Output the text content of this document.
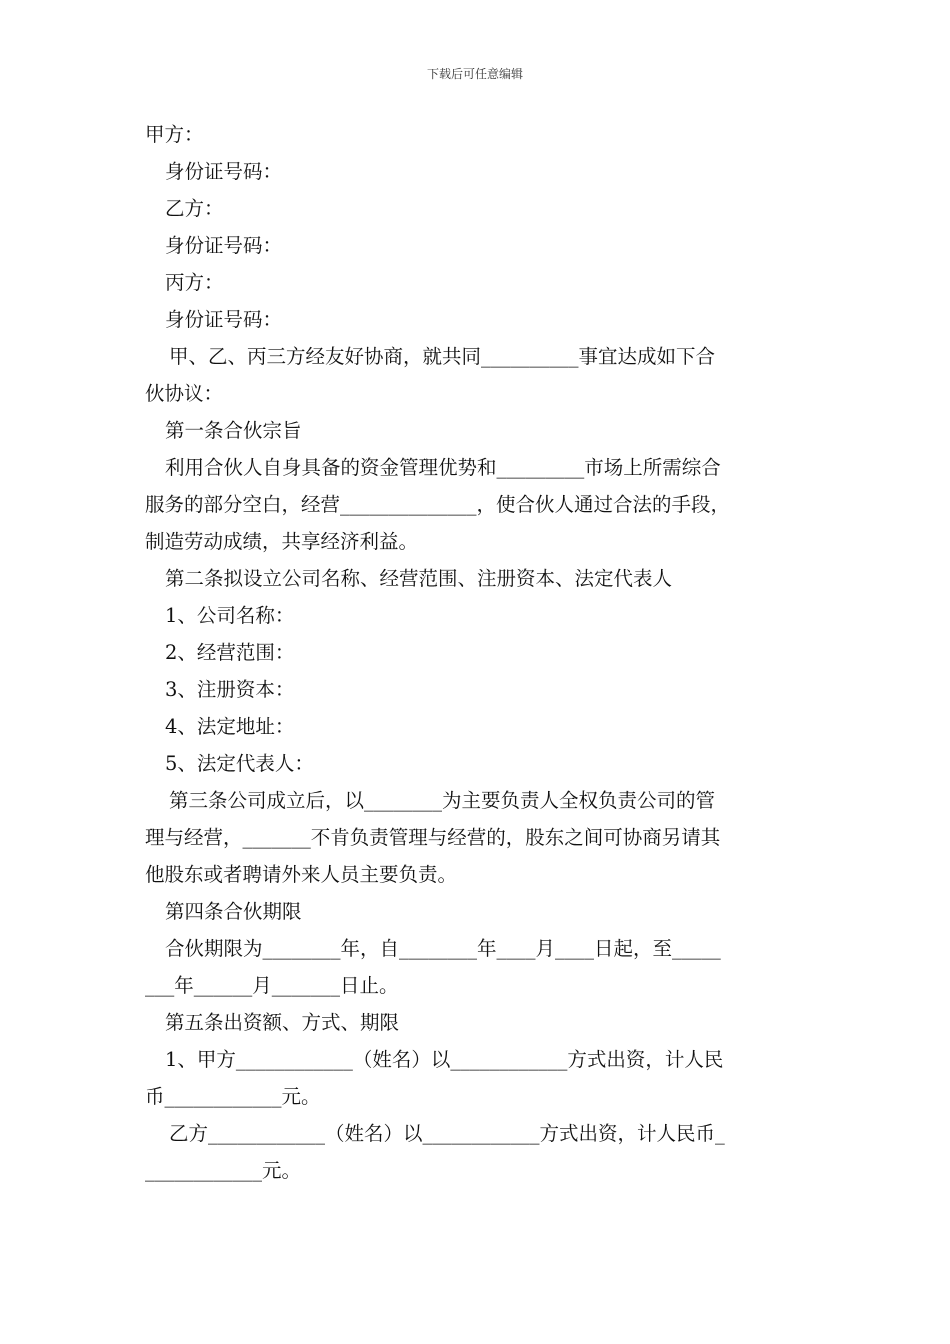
下载后可任意编辑
甲方：
身份证号码：
乙方：
身份证号码：
丙方：
身份证号码：
甲、乙、丙三方经友好协商，就共同__________事宜达成如下合
伙协议：
第一条合伙宗旨
利用合伙人自身具备的资金管理优势和_________市场上所需综合
服务的部分空白，经营______________，使合伙人通过合法的手段，
制造劳动成绩，共享经济利益。
第二条拟设立公司名称、经营范围、注册资本、法定代表人
1、公司名称：
2、经营范围：
3、注册资本：
4、法定地址：
5、法定代表人：
第三条公司成立后，以________为主要负责人全权负责公司的管
理与经营，_______不肯负责管理与经营的，股东之间可协商另请其
他股东或者聘请外来人员主要负责。
第四条合伙期限
合伙期限为________年，自________年____月____日起，至_____
___年______月_______日止。
第五条出资额、方式、期限
1、甲方____________（姓名）以____________方式出资，计人民
币____________元。
乙方____________（姓名）以____________方式出资，计人民币_
____________元。
